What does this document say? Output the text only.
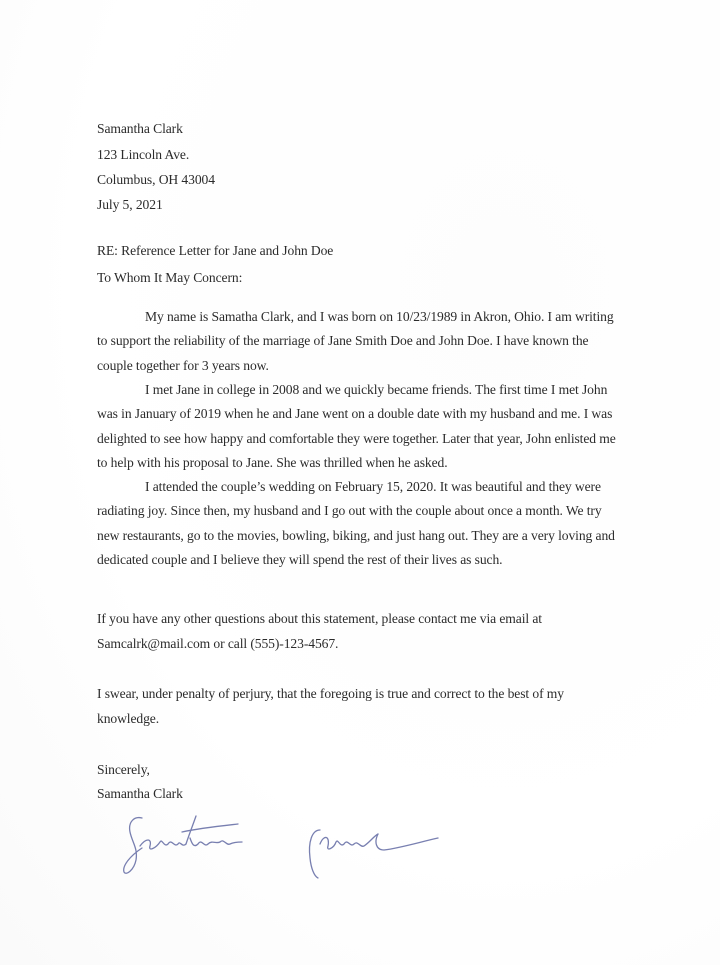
Samantha Clark
123 Lincoln Ave.
Columbus, OH 43004
July 5, 2021
RE: Reference Letter for Jane and John Doe
To Whom It May Concern:
My name is Samatha Clark, and I was born on 10/23/1989 in Akron, Ohio. I am writing
to support the reliability of the marriage of Jane Smith Doe and John Doe. I have known the
couple together for 3 years now.
I met Jane in college in 2008 and we quickly became friends. The first time I met John
was in January of 2019 when he and Jane went on a double date with my husband and me. I was
delighted to see how happy and comfortable they were together. Later that year, John enlisted me
to help with his proposal to Jane. She was thrilled when he asked.
I attended the couple’s wedding on February 15, 2020. It was beautiful and they were
radiating joy. Since then, my husband and I go out with the couple about once a month. We try
new restaurants, go to the movies, bowling, biking, and just hang out. They are a very loving and
dedicated couple and I believe they will spend the rest of their lives as such.
If you have any other questions about this statement, please contact me via email at
Samcalrk@mail.com or call (555)-123-4567.
I swear, under penalty of perjury, that the foregoing is true and correct to the best of my
knowledge.
Sincerely,
Samantha Clark
